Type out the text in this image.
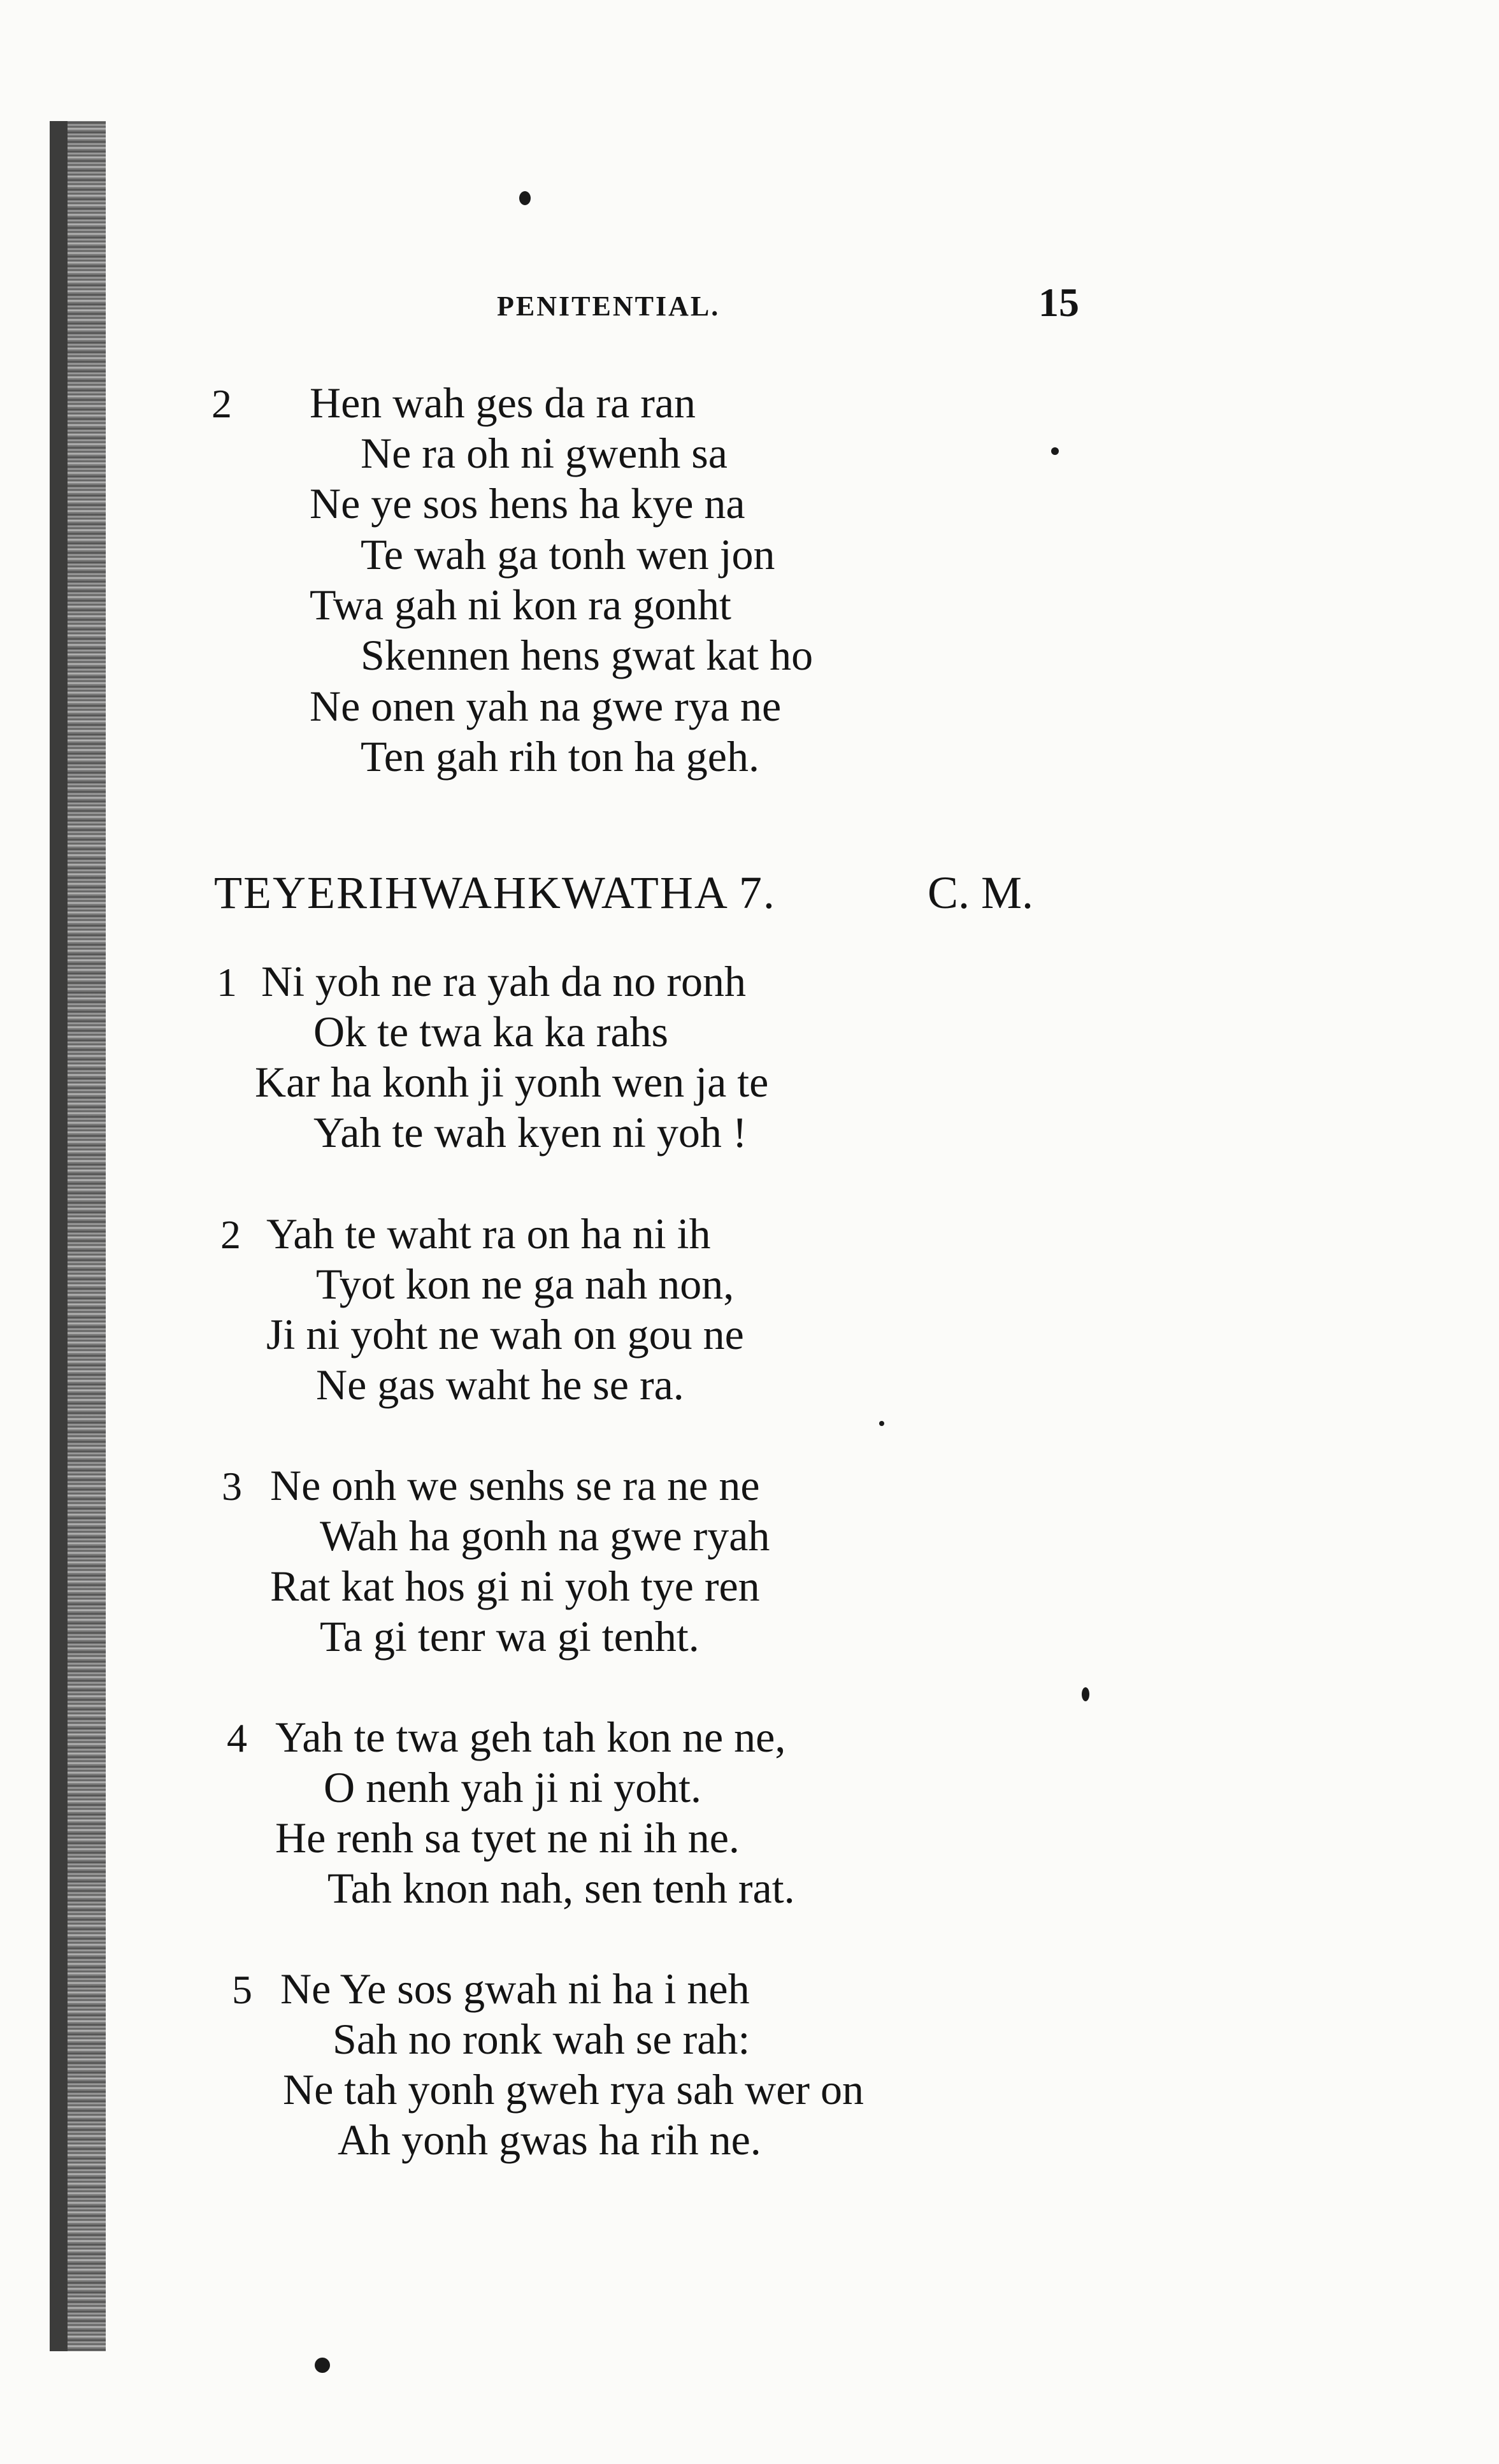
PENITENTIAL.	15
2 Hen wah ges da ra ran
Ne ra oh ni gwenh sa
Ne ye sos hens ha kye na
Te wah ga tonh wen jon
Twa gah ni kon ra gonht
Skennen hens gwat kat ho
Ne onen yah na gwe rya ne
Ten gah rih ton ha geh.
TEYERIHWAHKWATHA 7.	C. M.
1 Ni yoh ne ra yah da no ronh
Ok te twa ka ka rahs
Kar ha konh ji yonh wen ja te
Yah te wah kyen ni yoh !
2 Yah te waht ra on ha ni ih
Tyot kon ne ga nah non,
Ji ni yoht ne wah on gou ne
Ne gas waht he se ra.
3 Ne onh we senhs se ra ne ne
Wah ha gonh na gwe ryah
Rat kat hos gi ni yoh tye ren
Ta gi tenr wa gi tenht.
4 Yah te twa geh tah kon ne ne,
O nenh yah ji ni yoht.
He renh sa tyet ne ni ih ne.
Tah knon nah, sen tenh rat.
5 Ne Ye sos gwah ni ha i neh
Sah no ronk wah se rah:
Ne tah yonh gweh rya sah wer on
Ah yonh gwas ha rih ne.
